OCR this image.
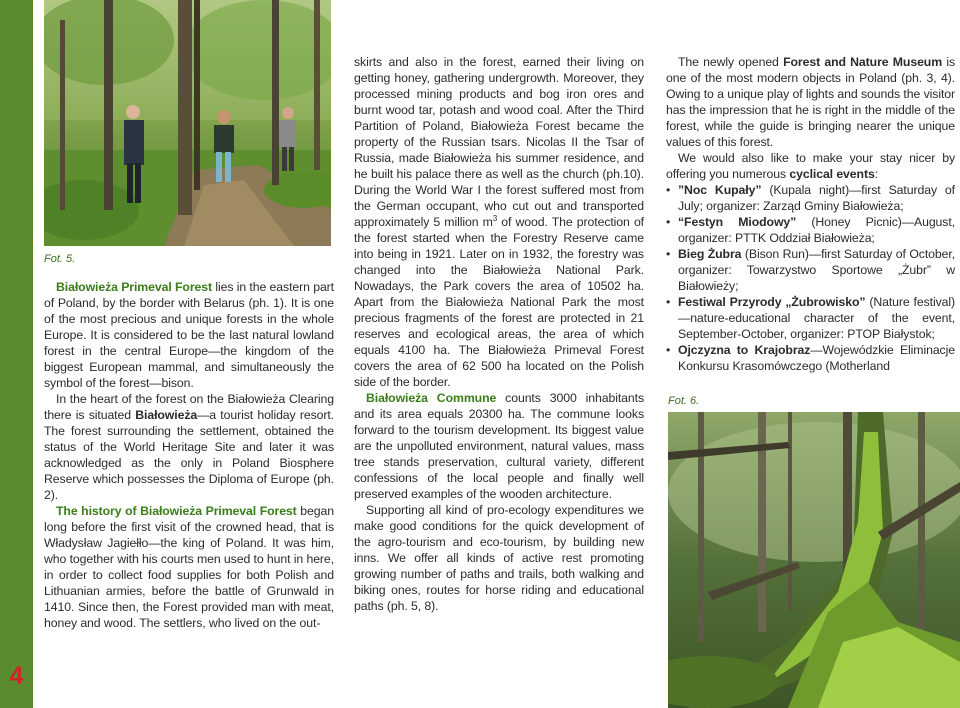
4
Fot. 5.

Białowieża Primeval Forest lies in the eastern part of Poland, by the border with Belarus (ph. 1). It is one of the most precious and unique forests in the whole Europe. It is considered to be the last natural lowland forest in the central Europe—the kingdom of the biggest European mammal, and simultaneously the symbol of the forest—bison.

In the heart of the forest on the Białowieża Clearing there is situated Białowieża—a tourist holiday resort. The forest surrounding the settlement, obtained the status of the World Heritage Site and later it was acknowledged as the only in Poland Biosphere Reserve which possesses the Diploma of Europe (ph. 2).

The history of Białowieża Primeval Forest began long before the first visit of the crowned head, that is Władysław Jagiełło—the king of Poland. It was him, who together with his courts men used to hunt in here, in order to collect food supplies for both Polish and Lithuanian armies, before the battle of Grunwald in 1410. Since then, the Forest provided man with meat, honey and wood. The settlers, who lived on the out-

skirts and also in the forest, earned their living on getting honey, gathering undergrowth. Moreover, they processed mining products and bog iron ores and burnt wood tar, potash and wood coal. After the Third Partition of Poland, Białowieża Forest became the property of the Russian tsars. Nicolas II the Tsar of Russia, made Białowieża his summer residence, and he built his palace there as well as the church (ph.10). During the World War I the forest suffered most from the German occupant, who cut out and transported approximately 5 million $m^3$ of wood. The protection of the forest started when the Forestry Reserve came into being in 1921. Later on in 1932, the forestry was changed into the Białowieża National Park. Nowadays, the Park covers the area of 10502 ha. Apart from the Białowieża National Park the most precious fragments of the forest are protected in 21 reserves and ecological areas, the area of which equals 4100 ha. The Białowieża Primeval Forest covers the area of 62 500 ha located on the Polish side of the border.

Białowieża Commune counts 3000 inhabitants and its area equals 20300 ha. The commune looks forward to the tourism development. Its biggest value are the unpolluted environment, natural values, mass tree stands preservation, cultural variety, different confessions of the local people and finally well preserved examples of the wooden architecture.

Supporting all kind of pro-ecology expenditures we make good conditions for the quick development of the agro-tourism and eco-tourism, by building new inns. We offer all kinds of active rest promoting growing number of paths and trails, both walking and biking ones, routes for horse riding and educational paths (ph. 5, 8).

The newly opened Forest and Nature Museum is one of the most modern objects in Poland (ph. 3, 4). Owing to a unique play of lights and sounds the visitor has the impression that he is right in the middle of the forest, while the guide is bringing nearer the unique values of this forest.

We would also like to make your stay nicer by offering you numerous cyclical events:

• ”Noc Kupały” (Kupala night)—first Saturday of July; organizer: Zarząd Gminy Białowieża;
• “Festyn Miodowy” (Honey Picnic)—August, organizer: PTTK Oddział Białowieża;
• Bieg Żubra (Bison Run)—first Saturday of October, organizer: Towarzystwo Sportowe „Żubr” w Białowieży;
• Festiwal Przyrody „Żubrowisko” (Nature festival)—nature-educational character of the event, September-October, organizer: PTOP Białystok;
• Ojczyzna to Krajobraz—Wojewódzkie Eliminacje Konkursu Krasomówczego (Motherland
Fot. 6.
